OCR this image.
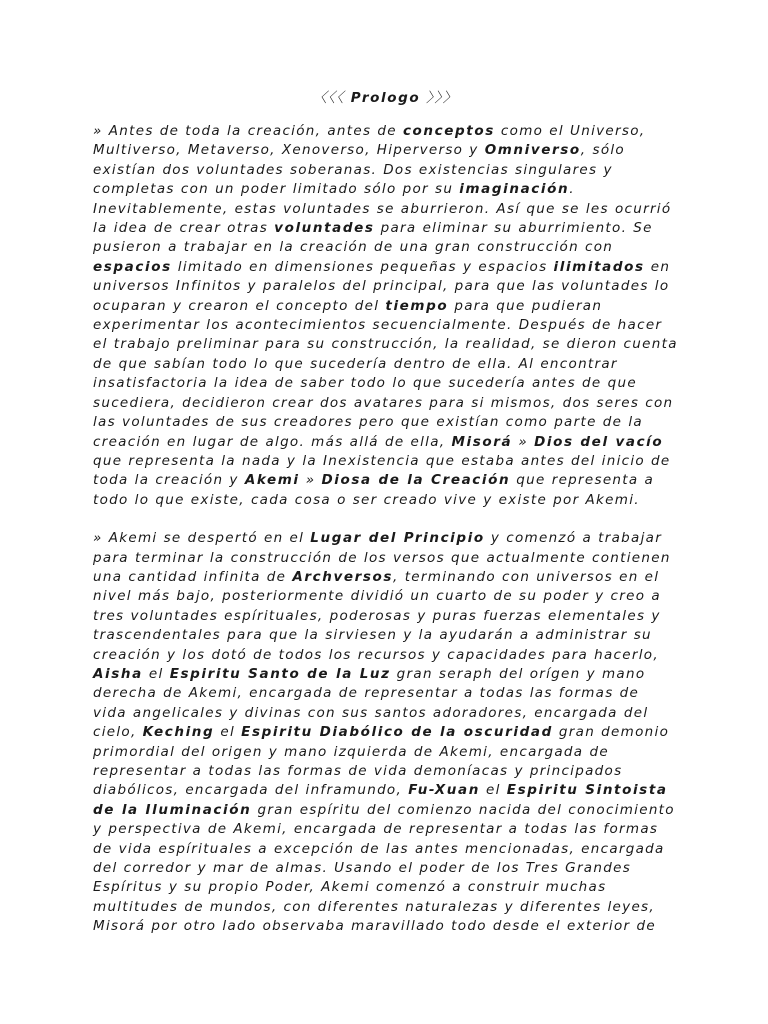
〈〈〈 Prologo 〉〉〉

» Antes de toda la creación, antes de conceptos como el Universo, Multiverso, Metaverso, Xenoverso, Hiperverso y Omniverso, sólo existían dos voluntades soberanas. Dos existencias singulares y completas con un poder limitado sólo por su imaginación. Inevitablemente, estas voluntades se aburrieron. Así que se les ocurrió la idea de crear otras voluntades para eliminar su aburrimiento. Se pusieron a trabajar en la creación de una gran construcción con espacios limitado en dimensiones pequeñas y espacios ilimitados en universos Infinitos y paralelos del principal, para que las voluntades lo ocuparan y crearon el concepto del tiempo para que pudieran experimentar los acontecimientos secuencialmente. Después de hacer el trabajo preliminar para su construcción, la realidad, se dieron cuenta de que sabían todo lo que sucedería dentro de ella. Al encontrar insatisfactoria la idea de saber todo lo que sucedería antes de que sucediera, decidieron crear dos avatares para si mismos, dos seres con las voluntades de sus creadores pero que existían como parte de la creación en lugar de algo. más allá de ella, Misorá » Dios del vacío que representa la nada y la Inexistencia que estaba antes del inicio de toda la creación y Akemi » Diosa de la Creación que representa a todo lo que existe, cada cosa o ser creado vive y existe por Akemi.

» Akemi se despertó en el Lugar del Principio y comenzó a trabajar para terminar la construcción de los versos que actualmente contienen una cantidad infinita de Archversos, terminando con universos en el nivel más bajo, posteriormente dividió un cuarto de su poder y creo a tres voluntades espírituales, poderosas y puras fuerzas elementales y trascendentales para que la sirviesen y la ayudarán a administrar su creación y los dotó de todos los recursos y capacidades para hacerlo, Aisha el Espiritu Santo de la Luz gran seraph del orígen y mano derecha de Akemi, encargada de representar a todas las formas de vida angelicales y divinas con sus santos adoradores, encargada del cielo, Keching el Espiritu Diabólico de la oscuridad gran demonio primordial del origen y mano izquierda de Akemi, encargada de representar a todas las formas de vida demoníacas y principados diabólicos, encargada del inframundo, Fu-Xuan el Espiritu Sintoista de la Iluminación gran espíritu del comienzo nacida del conocimiento y perspectiva de Akemi, encargada de representar a todas las formas de vida espírituales a excepción de las antes mencionadas, encargada del corredor y mar de almas. Usando el poder de los Tres Grandes Espíritus y su propio Poder, Akemi comenzó a construir muchas multitudes de mundos, con diferentes naturalezas y diferentes leyes, Misorá por otro lado observaba maravillado todo desde el exterior de
